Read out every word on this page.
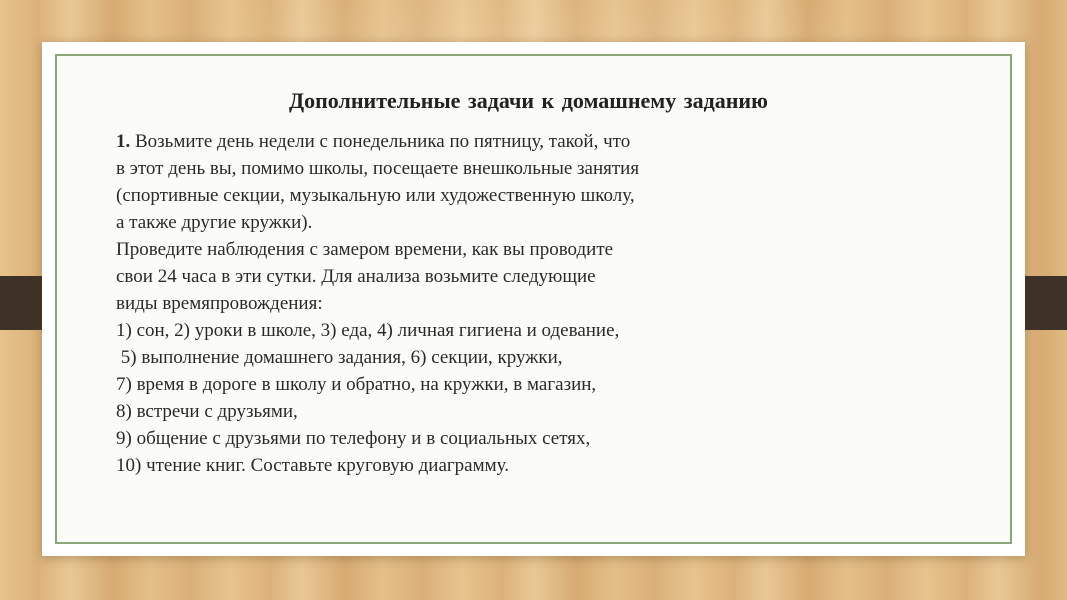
Дополнительные задачи к домашнему заданию
1. Возьмите день недели с понедельника по пятницу, такой, что
в этот день вы, помимо школы, посещаете внешкольные занятия
(спортивные секции, музыкальную или художественную школу,
а также другие кружки).
Проведите наблюдения с замером времени, как вы проводите
свои 24 часа в эти сутки. Для анализа возьмите следующие
виды времяпровождения:
1) сон, 2) уроки в школе, 3) еда, 4) личная гигиена и одевание,
5) выполнение домашнего задания, 6) секции, кружки,
7) время в дороге в школу и обратно, на кружки, в магазин,
8) встречи с друзьями,
9) общение с друзьями по телефону и в социальных сетях,
10) чтение книг. Составьте круговую диаграмму.
